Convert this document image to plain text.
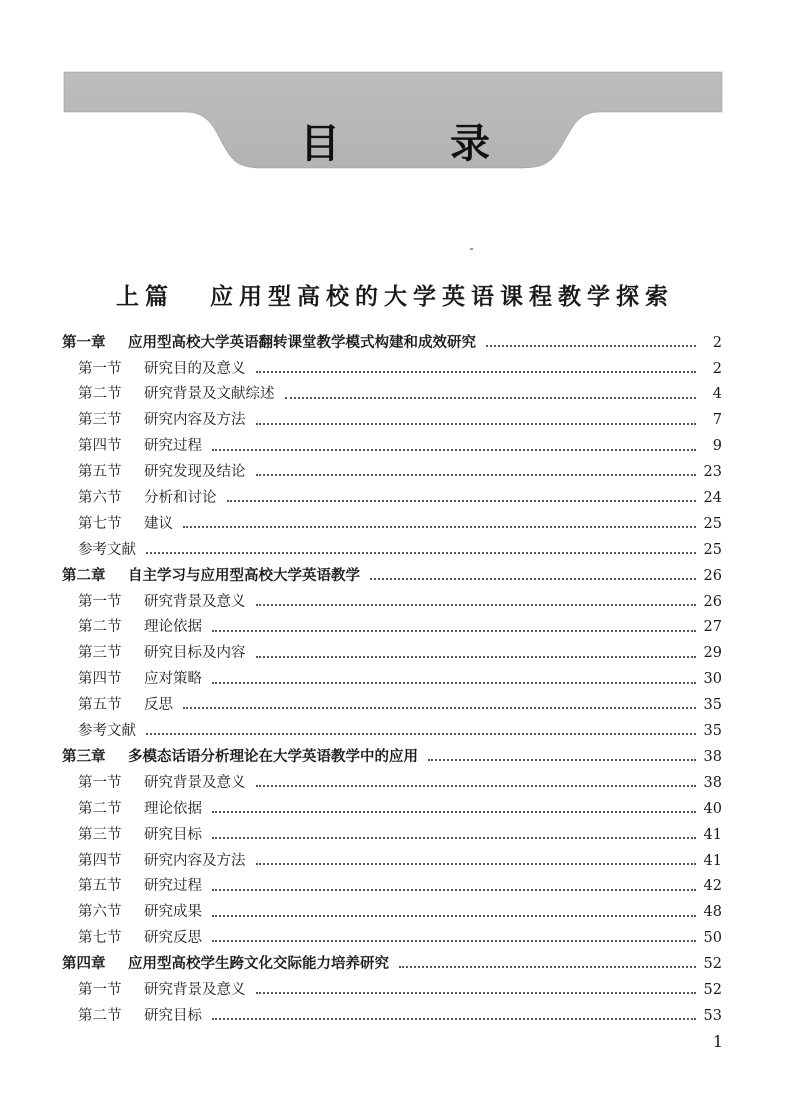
目	录
上篇 应用型高校的大学英语课程教学探索
第一章	应用型高校大学英语翻转课堂教学模式构建和成效研究	2
第一节	研究目的及意义	2
第二节	研究背景及文献综述	4
第三节	研究内容及方法	7
第四节	研究过程	9
第五节	研究发现及结论	23
第六节	分析和讨论	24
第七节	建议	25
参考文献	25
第二章	自主学习与应用型高校大学英语教学	26
第一节	研究背景及意义	26
第二节	理论依据	27
第三节	研究目标及内容	29
第四节	应对策略	30
第五节	反思	35
参考文献	35
第三章	多模态话语分析理论在大学英语教学中的应用	38
第一节	研究背景及意义	38
第二节	理论依据	40
第三节	研究目标	41
第四节	研究内容及方法	41
第五节	研究过程	42
第六节	研究成果	48
第七节	研究反思	50
第四章	应用型高校学生跨文化交际能力培养研究	52
第一节	研究背景及意义	52
第二节	研究目标	53
1
